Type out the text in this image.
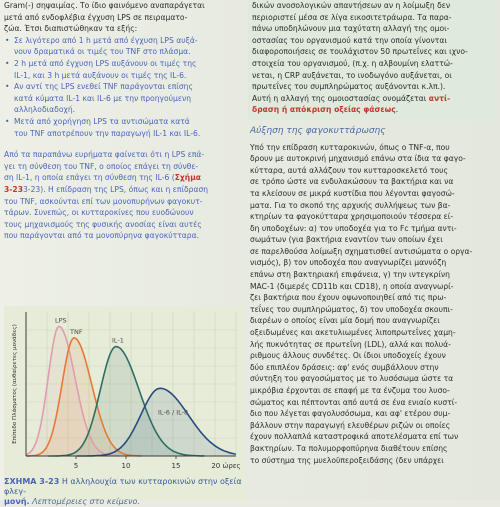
Gram(-) σηψαιμίας. Το ίδιο φαινόμενο αναπαράγεται
μετά από ενδοφλέβια έγχυση LPS σε πειραματο-
ζώα. Έτσι διαπιστώθηκαν τα εξής:
• Σε λιγότερο από 1 h μετά από έγχυση LPS αυξά-
νουν δραματικά οι τιμές του TNF στο πλάσμα.
• 2 h μετά από έγχυση LPS αυξάνουν οι τιμές της
IL-1, και 3 h μετά αυξάνουν οι τιμές της IL-6.
• Αν αντί της LPS ενεθεί TNF παράγονται επίσης
κατά κύματα IL-1 και IL-6 με την προηγούμενη
αλληλοδιαδοχή.
• Μετά από χορήγηση LPS τα αντισώματα κατά
του TNF αποτρέπουν την παραγωγή IL-1 και IL-6.
Από τα παραπάνω ευρήματα φαίνεται ότι η LPS επά-
γει τη σύνθεση του TNF, ο οποίος επάγει τη σύνθε-
ση IL-1, η οποία επάγει τη σύνθεση της IL-6 (Σχήμα
3-233-23). Η επίδραση της LPS, όπως και η επίδραση
του TNF, ασκούνται επί των μονοπυρήνων φαγοκυτ-
τάρων. Συνεπώς, οι κυτταροκίνες που ευοδώνουν
τους μηχανισμούς της φυσικής ανοσίας είναι αυτές
που παράγονται από τα μονοπύρηνα φαγοκύτταρα.
LPS
TNF
IL-1
IL-6 / IL-8
5	10	15	20 ώρες
Επίπεδο Πλάσματος (αυθαίρετες μονάδες)
ΣΧΗΜΑ 3-23 Η αλληλουχία των κυτταροκινών στην οξεία φλεγ-
μονή. Λεπτομέρειες στο κείμενο.
δικών ανοσολογικών απαντήσεων αν η λοίμωξη δεν
περιοριστεί μέσα σε λίγα εικοσιτετράωρα. Τα παρα-
πάνω υποδηλώνουν μια ταχύτατη αλλαγή της ομοι-
οστασίας του οργανισμού κατά την οποία γίνονται
διαφοροποιήσεις σε τουλάχιστον 50 πρωτεΐνες και ιχνο-
στοιχεία του οργανισμού, (π.χ. η αλβουμίνη ελαττώ-
νεται, η CRP αυξάνεται, το ινοδωγόνο αυξάνεται, οι
πρωτεΐνες του συμπληρώματος αυξάνονται κ.λπ.).
Αυτή η αλλαγή της ομοιοστασίας ονομάζεται αντί-
δραση ή απόκριση οξείας φάσεως.
Αύξηση της φαγοκυττάρωσης
Υπό την επίδραση κυτταροκινών, όπως ο TNF-α, που
δρουν με αυτοκρινή μηχανισμό επάνω στα ίδια τα φαγο-
κύτταρα, αυτά αλλάζουν τον κυτταροσκελετό τους
σε τρόπο ώστε να ενδυλακώσουν τα βακτήρια και να
τα κλείσουν σε μικρά κυστίδια που λέγονται φαγοσώ-
ματα. Για το σκοπό της αρχικής συλλήψεως των βα-
κτηρίων τα φαγοκύτταρα χρησιμοποιούν τέσσερα εί-
δη υποδοχέων: α) τον υποδοχέα για το Fc τμήμα αντι-
σωμάτων (για βακτήρια εναντίον των οποίων έχει
σε παρελθούσα λοίμωξη σχηματισθεί αντισώματα ο οργα-
νισμός), β) τον υποδοχέα που αναγνωρίζει μαννόζη
επάνω στη βακτηριακή επιφάνεια, γ) την ιντεγκρίνη
MAC-1 (διμερές CD11b και CD18), η οποία αναγνωρί-
ζει βακτήρια που έχουν οψωνοποιηθεί από τις πρω-
τεΐνες του συμπληρώματος, δ) τον υποδοχέα σκουπι-
διαρέων ο οποίος είναι μία δομή που αναγνωρίζει
οξειδωμένες και ακετυλιωμένες λιποπρωτεΐνες χαμη-
λής πυκνότητας σε πρωτεΐνη (LDL), αλλά και πολυά-
ριθμους άλλους συνδέτες. Οι ίδιοι υποδοχείς έχουν
δύο επιπλέον δράσεις: αφ' ενός συμβάλλουν στην
σύντηξη του φαγοσώματος με το λυσόσωμα ώστε τα
μικρόβια έρχονται σε επαφή με τα ένζυμα του λυσο-
σώματος και πέπτονται από αυτά σε ένα ενιαίο κυστί-
διο που λέγεται φαγολυσόσωμα, και αφ' ετέρου συμ-
βάλλουν στην παραγωγή ελευθέρων ριζών οι οποίες
έχουν πολλαπλά καταστροφικά αποτελέσματα επί των
βακτηρίων. Τα πολυμορφοπύρηνα διαθέτουν επίσης
το σύστημα της μυελοϋπεροξειδάσης (δεν υπάρχει
